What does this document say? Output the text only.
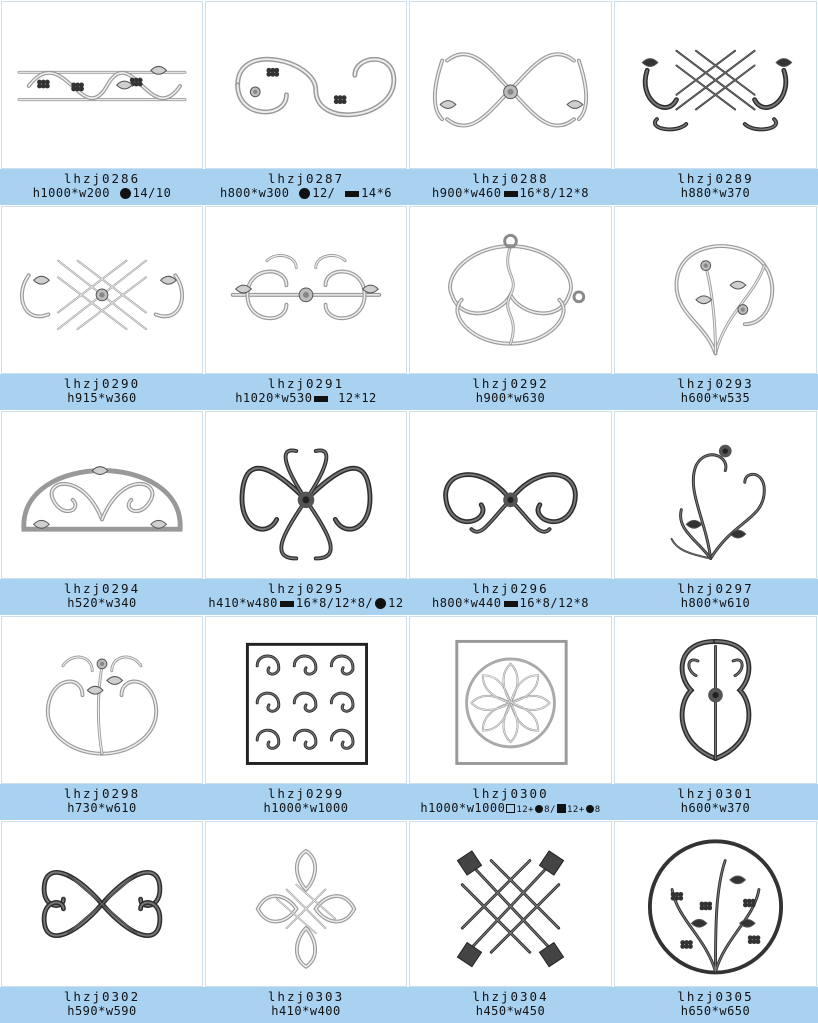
lhzj0286
h1000*w200 14/10
lhzj0287
h800*w300 12/ 14*6
lhzj0288
h900*w460 16*8/12*8
lhzj0289
h880*w370
lhzj0290
h915*w360
lhzj0291
h1020*w530 12*12
lhzj0292
h900*w630
lhzj0293
h600*w535
lhzj0294
h520*w340
lhzj0295
h410*w480 16*8/12*8/ 12
lhzj0296
h800*w440 16*8/12*8
lhzj0297
h800*w610
lhzj0298
h730*w610
lhzj0299
h1000*w1000
lhzj0300
h1000*w1000 12+ 8/ 12+ 8
lhzj0301
h600*w370
lhzj0302
h590*w590
lhzj0303
h410*w400
lhzj0304
h450*w450
lhzj0305
h650*w650
